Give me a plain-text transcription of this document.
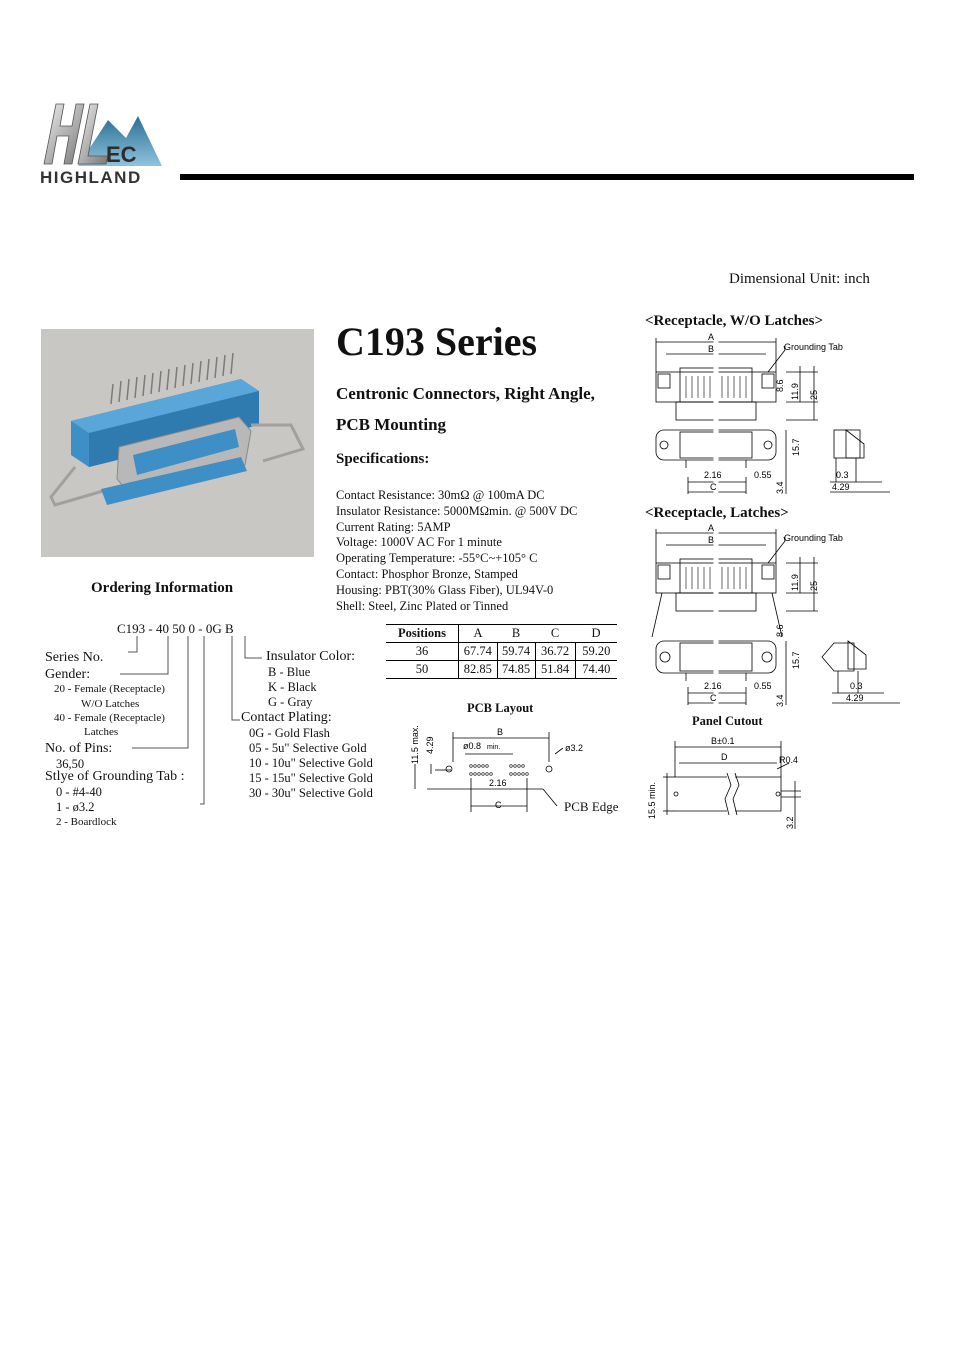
EC
HIGHLAND
Dimensional Unit: inch
C193 Series
Centronic Connectors, Right Angle,
PCB Mounting
Specifications:
Contact Resistance: 30mΩ @ 100mA DC
Insulator Resistance: 5000MΩmin. @ 500V DC
Current Rating: 5AMP
Voltage: 1000V AC For 1 minute
Operating Temperature: -55°C~+105° C
Contact: Phosphor Bronze, Stamped
Housing: PBT(30% Glass Fiber), UL94V-0
Shell: Steel, Zinc Plated or Tinned
Ordering Information
C193 - 40 50 0 - 0G B
Series No.
Gender:
20 - Female (Receptacle)
W/O Latches
40 - Female (Receptacle)
Latches
No. of Pins:
36,50
Stlye of Grounding Tab :
0 - #4-40
1 - ø3.2
2 - Boardlock
Insulator Color:
B - Blue
K - Black
G - Gray
Contact Plating:
0G - Gold Flash
05 - 5u" Selective Gold
10 - 10u" Selective Gold
15 - 15u" Selective Gold
30 - 30u" Selective Gold
Positions	A	B	C	D
36	67.74	59.74	36.72	59.20
50	82.85	74.85	51.84	74.40
PCB Layout
B
ø0.8 min.	ø3.2
2.16
C
11.5 max. 4.29
PCB Edge
<Receptacle, W/O Latches>
A
B	Grounding Tab
8.6 11.9 25
15.7
3.4
2.16	0.55
C
0.3
4.29
<Receptacle, Latches>
A
B	Grounding Tab
11.9 25
8.6
15.7
3.4
2.16	0.55
C
0.3
4.29
Panel Cutout
B±0.1
D	R0.4
15.5 min.
3.2
